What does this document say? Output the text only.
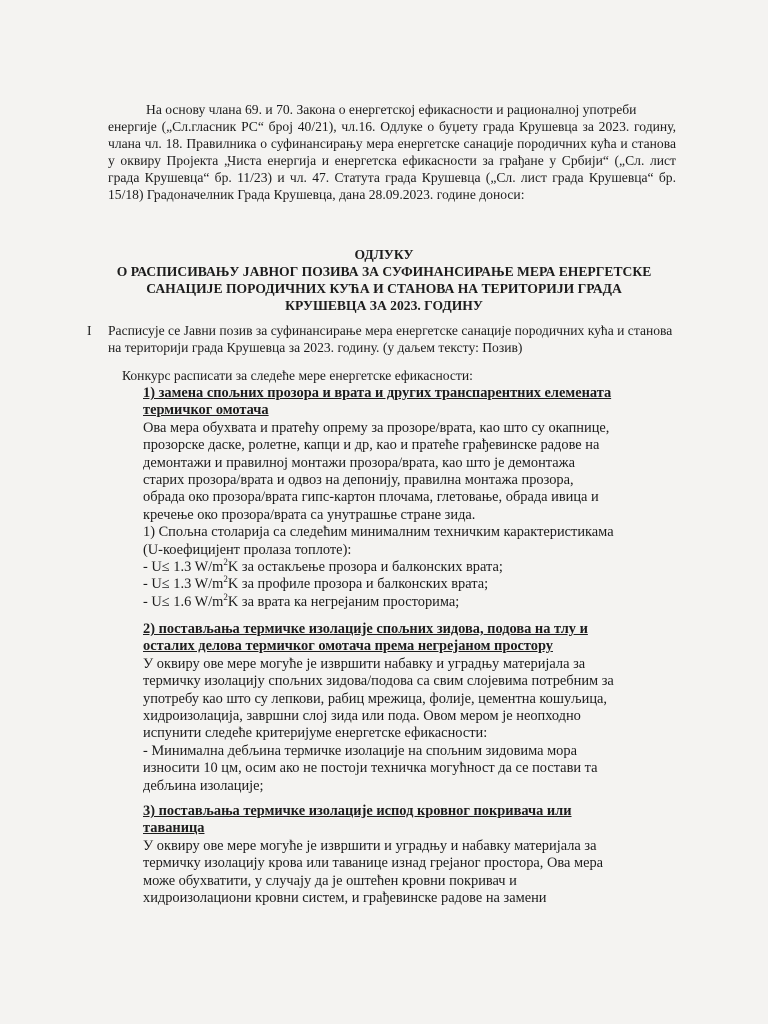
На основу члана 69. и 70. Закона о енергетској ефикасности и рационалној употреби
енергије („Сл.гласник РС“ број 40/21), чл.16. Одлуке о буџету града Крушевца за 2023. годину, члана чл. 18. Правилника о суфинансирању мера енергетске санације породичних кућа и станова у оквиру Пројекта „Чиста енергија и енергетска ефикасности за грађане у Србији“ („Сл. лист града Крушевца“ бр. 11/23) и чл. 47. Статута града Крушевца („Сл. лист града Крушевца“ бр. 15/18) Градоначелник Града Крушевца, дана 28.09.2023. године доноси:

ОДЛУКУ
О РАСПИСИВАЊУ ЈАВНОГ ПОЗИВА ЗА СУФИНАНСИРАЊЕ МЕРА ЕНЕРГЕТСКЕ
САНАЦИЈЕ ПОРОДИЧНИХ КУЋА И СТАНОВА НА ТЕРИТОРИЈИ ГРАДА
КРУШЕВЦА ЗА 2023. ГОДИНУ
I Расписује се Јавни позив за суфинансирање мера енергетске санације породичних кућа и станова на територији града Крушевца за 2023. годину. (у даљем тексту: Позив)
Конкурс расписати за следеће мере енергетске ефикасности:
1) замена спољних прозора и врата и других транспарентних елемената
термичког омотача
Ова мера обухвата и пратећу опрему за прозоре/врата, као што су окапнице,
прозорске даске, ролетне, капци и др, као и пратеће грађевинске радове на
демонтажи и правилној монтажи прозора/врата, као што је демонтажа
старих прозора/врата и одвоз на депонију, правилна монтажа прозора,
обрада око прозора/врата гипс-картон плочама, глетовање, обрада ивица и
кречење око прозора/врата са унутрашње стране зида.
1) Спољна столарија са следећим минималним техничким карактеристикама
(U-коефицијент пролаза топлоте):
- U≤ 1.3 $W/m^2K$ за остакљење прозора и балконских врата;
- U≤ 1.3 $W/m^2K$ за профиле прозора и балконских врата;
- U≤ 1.6 $W/m^2K$ за врата ка негрејаним просторима;
2) постављања термичке изолације спољних зидова, подова на тлу и
осталих делова термичког омотача према негрејаном простору
У оквиру ове мере могуће је извршити набавку и уградњу материјала за
термичку изолацију спољних зидова/подова са свим слојевима потребним за
употребу као што су лепкови, рабиц мрежица, фолије, цементна кошуљица,
хидроизолација, завршни слој зида или пода. Овом мером је неопходно
испунити следеће критеријуме енергетске ефикасности:
- Минимална дебљина термичке изолације на спољним зидовима мора
износити 10 цм, осим ако не постоји техничка могућност да се постави та
дебљина изолације;
3) постављања термичке изолације испод кровног покривача или
таваница
У оквиру ове мере могуће је извршити и уградњу и набавку материјала за
термичку изолацију крова или таванице изнад грејаног простора, Ова мера
може обухватити, у случају да је оштећен кровни покривач и
хидроизолациони кровни систем, и грађевинске радове на замени
